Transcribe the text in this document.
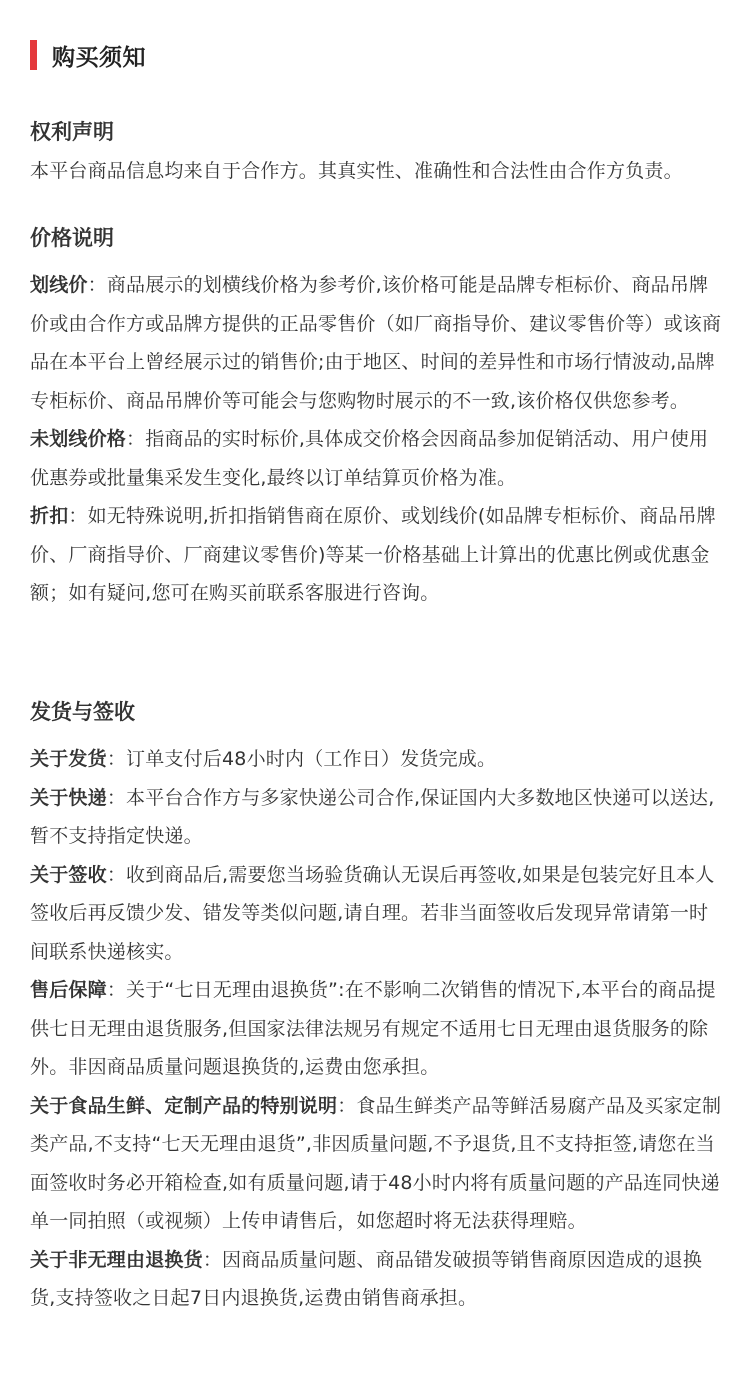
购买须知
权利声明

本平台商品信息均来自于合作方。其真实性、准确性和合法性由合作方负责。

价格说明

划线价：商品展示的划横线价格为参考价,该价格可能是品牌专柜标价、商品吊牌价或由合作方或品牌方提供的正品零售价（如厂商指导价、建议零售价等）或该商品在本平台上曾经展示过的销售价;由于地区、时间的差异性和市场行情波动,品牌专柜标价、商品吊牌价等可能会与您购物时展示的不一致,该价格仅供您参考。

未划线价格：指商品的实时标价,具体成交价格会因商品参加促销活动、用户使用优惠券或批量集采发生变化,最终以订单结算页价格为准。

折扣：如无特殊说明,折扣指销售商在原价、或划线价(如品牌专柜标价、商品吊牌价、厂商指导价、厂商建议零售价)等某一价格基础上计算出的优惠比例或优惠金额；如有疑问,您可在购买前联系客服进行咨询。

发货与签收

关于发货：订单支付后48小时内（工作日）发货完成。

关于快递：本平台合作方与多家快递公司合作,保证国内大多数地区快递可以送达,暂不支持指定快递。

关于签收：收到商品后,需要您当场验货确认无误后再签收,如果是包装完好且本人签收后再反馈少发、错发等类似问题,请自理。若非当面签收后发现异常请第一时间联系快递核实。

售后保障：关于“七日无理由退换货”:在不影响二次销售的情况下,本平台的商品提供七日无理由退货服务,但国家法律法规另有规定不适用七日无理由退货服务的除外。非因商品质量问题退换货的,运费由您承担。

关于食品生鲜、定制产品的特别说明：食品生鲜类产品等鲜活易腐产品及买家定制类产品,不支持“七天无理由退货”,非因质量问题,不予退货,且不支持拒签,请您在当面签收时务必开箱检查,如有质量问题,请于48小时内将有质量问题的产品连同快递单一同拍照（或视频）上传申请售后，如您超时将无法获得理赔。

关于非无理由退换货：因商品质量问题、商品错发破损等销售商原因造成的退换货,支持签收之日起7日内退换货,运费由销售商承担。
